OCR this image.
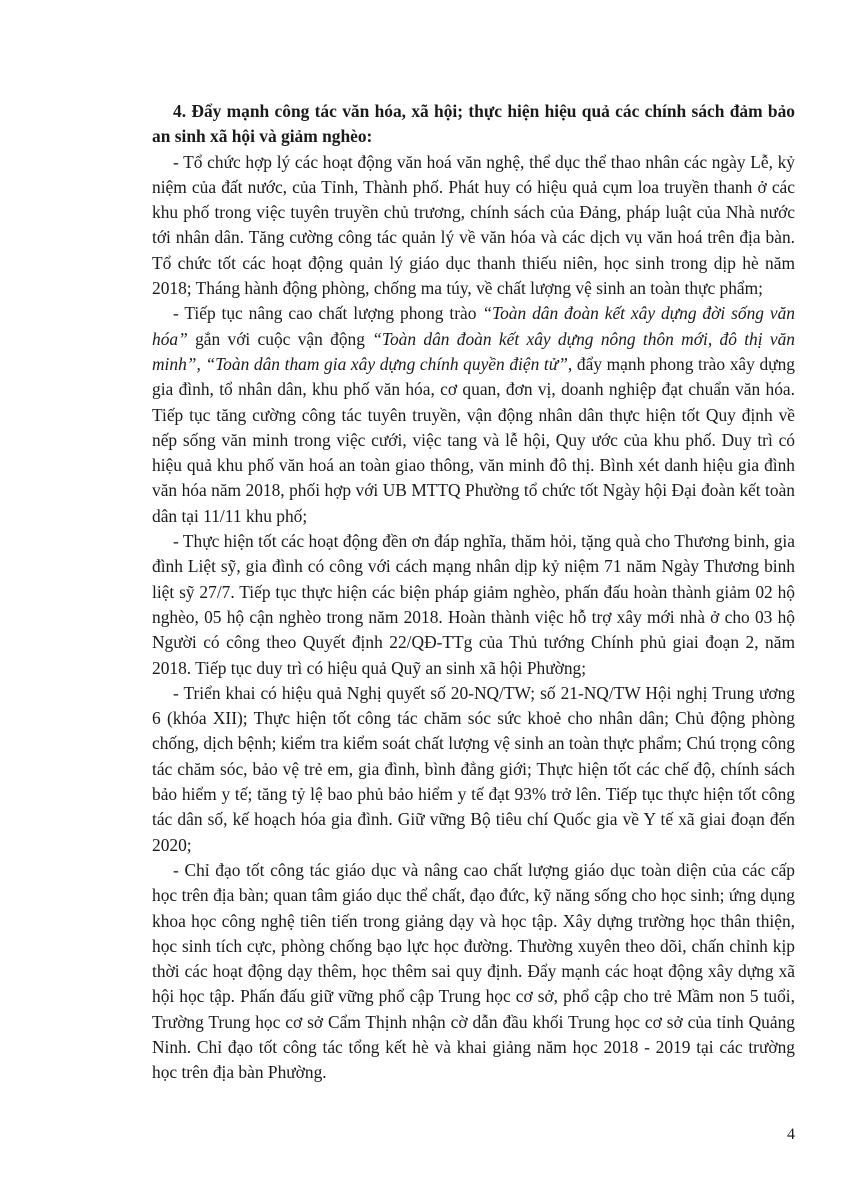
4. Đẩy mạnh công tác văn hóa, xã hội; thực hiện hiệu quả các chính sách đảm bảo an sinh xã hội và giảm nghèo:

- Tổ chức hợp lý các hoạt động văn hoá văn nghệ, thể dục thể thao nhân các ngày Lễ, kỷ niệm của đất nước, của Tỉnh, Thành phố. Phát huy có hiệu quả cụm loa truyền thanh ở các khu phố trong việc tuyên truyền chủ trương, chính sách của Đảng, pháp luật của Nhà nước tới nhân dân. Tăng cường công tác quản lý về văn hóa và các dịch vụ văn hoá trên địa bàn. Tổ chức tốt các hoạt động quản lý giáo dục thanh thiếu niên, học sinh trong dịp hè năm 2018; Tháng hành động phòng, chống ma túy, về chất lượng vệ sinh an toàn thực phẩm;

- Tiếp tục nâng cao chất lượng phong trào “Toàn dân đoàn kết xây dựng đời sống văn hóa” gắn với cuộc vận động “Toàn dân đoàn kết xây dựng nông thôn mới, đô thị văn minh”, “Toàn dân tham gia xây dựng chính quyền điện tử”, đẩy mạnh phong trào xây dựng gia đình, tổ nhân dân, khu phố văn hóa, cơ quan, đơn vị, doanh nghiệp đạt chuẩn văn hóa. Tiếp tục tăng cường công tác tuyên truyền, vận động nhân dân thực hiện tốt Quy định về nếp sống văn minh trong việc cưới, việc tang và lễ hội, Quy ước của khu phố. Duy trì có hiệu quả khu phố văn hoá an toàn giao thông, văn minh đô thị. Bình xét danh hiệu gia đình văn hóa năm 2018, phối hợp với UB MTTQ Phường tổ chức tốt Ngày hội Đại đoàn kết toàn dân tại 11/11 khu phố;

- Thực hiện tốt các hoạt động đền ơn đáp nghĩa, thăm hỏi, tặng quà cho Thương binh, gia đình Liệt sỹ, gia đình có công với cách mạng nhân dịp kỷ niệm 71 năm Ngày Thương binh liệt sỹ 27/7. Tiếp tục thực hiện các biện pháp giảm nghèo, phấn đấu hoàn thành giảm 02 hộ nghèo, 05 hộ cận nghèo trong năm 2018. Hoàn thành việc hỗ trợ xây mới nhà ở cho 03 hộ Người có công theo Quyết định 22/QĐ-TTg của Thủ tướng Chính phủ giai đoạn 2, năm 2018. Tiếp tục duy trì có hiệu quả Quỹ an sinh xã hội Phường;

- Triển khai có hiệu quả Nghị quyết số 20-NQ/TW; số 21-NQ/TW Hội nghị Trung ương 6 (khóa XII); Thực hiện tốt công tác chăm sóc sức khoẻ cho nhân dân; Chủ động phòng chống, dịch bệnh; kiểm tra kiểm soát chất lượng vệ sinh an toàn thực phẩm; Chú trọng công tác chăm sóc, bảo vệ trẻ em, gia đình, bình đẳng giới; Thực hiện tốt các chế độ, chính sách bảo hiểm y tế; tăng tỷ lệ bao phủ bảo hiểm y tế đạt 93% trở lên. Tiếp tục thực hiện tốt công tác dân số, kế hoạch hóa gia đình. Giữ vững Bộ tiêu chí Quốc gia về Y tế xã giai đoạn đến 2020;

- Chỉ đạo tốt công tác giáo dục và nâng cao chất lượng giáo dục toàn diện của các cấp học trên địa bàn; quan tâm giáo dục thể chất, đạo đức, kỹ năng sống cho học sinh; ứng dụng khoa học công nghệ tiên tiến trong giảng dạy và học tập. Xây dựng trường học thân thiện, học sinh tích cực, phòng chống bạo lực học đường. Thường xuyên theo dõi, chấn chỉnh kịp thời các hoạt động dạy thêm, học thêm sai quy định. Đẩy mạnh các hoạt động xây dựng xã hội học tập. Phấn đấu giữ vững phổ cập Trung học cơ sở, phổ cập cho trẻ Mầm non 5 tuổi, Trường Trung học cơ sở Cẩm Thịnh nhận cờ dẫn đầu khối Trung học cơ sở của tỉnh Quảng Ninh. Chỉ đạo tốt công tác tổng kết hè và khai giảng năm học 2018 - 2019 tại các trường học trên địa bàn Phường.

4
